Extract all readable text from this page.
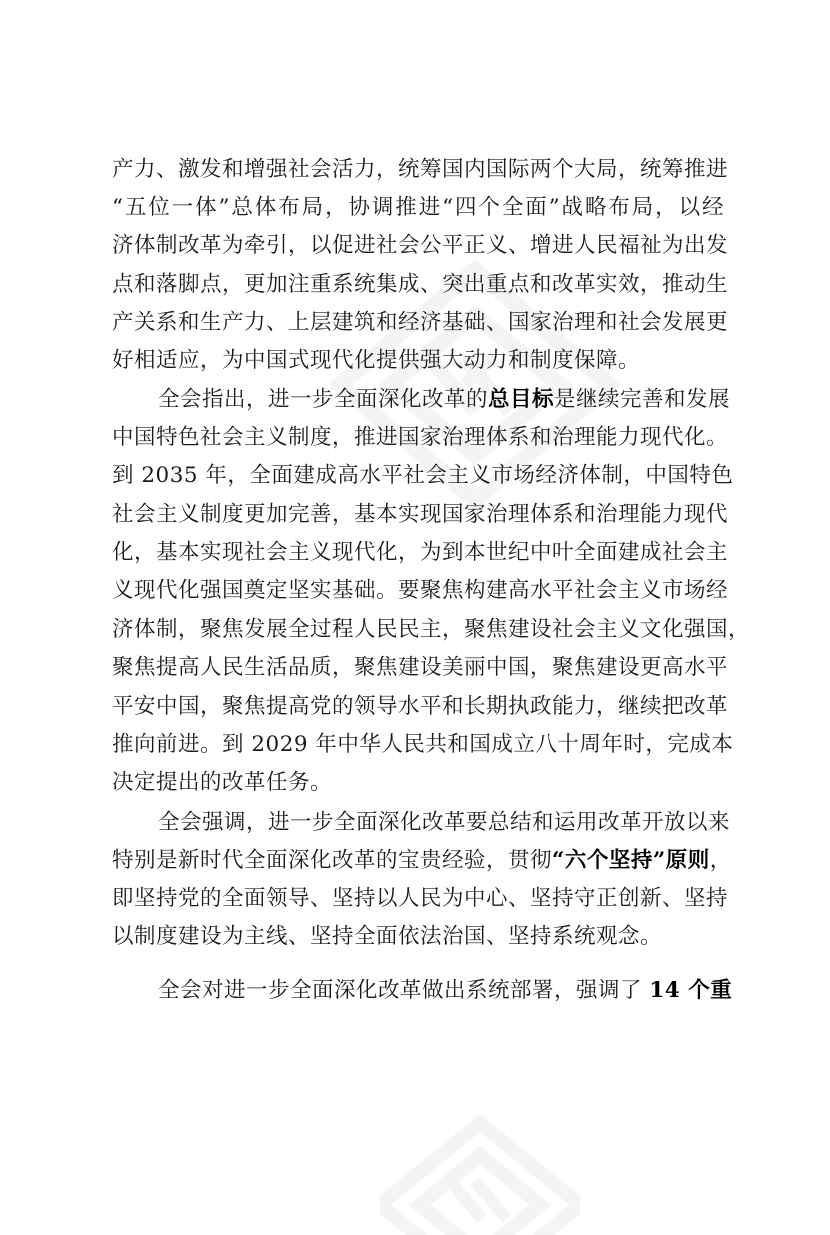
产力、激发和增强社会活力，统筹国内国际两个大局，统筹推进
“五位一体”总体布局，协调推进“四个全面”战略布局，以经
济体制改革为牵引，以促进社会公平正义、增进人民福祉为出发
点和落脚点，更加注重系统集成、突出重点和改革实效，推动生
产关系和生产力、上层建筑和经济基础、国家治理和社会发展更
好相适应，为中国式现代化提供强大动力和制度保障。
全会指出，进一步全面深化改革的总目标是继续完善和发展
中国特色社会主义制度，推进国家治理体系和治理能力现代化。
到 2035 年，全面建成高水平社会主义市场经济体制，中国特色
社会主义制度更加完善，基本实现国家治理体系和治理能力现代
化，基本实现社会主义现代化，为到本世纪中叶全面建成社会主
义现代化强国奠定坚实基础。要聚焦构建高水平社会主义市场经
济体制，聚焦发展全过程人民民主，聚焦建设社会主义文化强国，
聚焦提高人民生活品质，聚焦建设美丽中国，聚焦建设更高水平
平安中国，聚焦提高党的领导水平和长期执政能力，继续把改革
推向前进。到 2029 年中华人民共和国成立八十周年时，完成本
决定提出的改革任务。
全会强调，进一步全面深化改革要总结和运用改革开放以来
特别是新时代全面深化改革的宝贵经验，贯彻“六个坚持”原则，
即坚持党的全面领导、坚持以人民为中心、坚持守正创新、坚持
以制度建设为主线、坚持全面依法治国、坚持系统观念。
全会对进一步全面深化改革做出系统部署，强调了 14 个重
